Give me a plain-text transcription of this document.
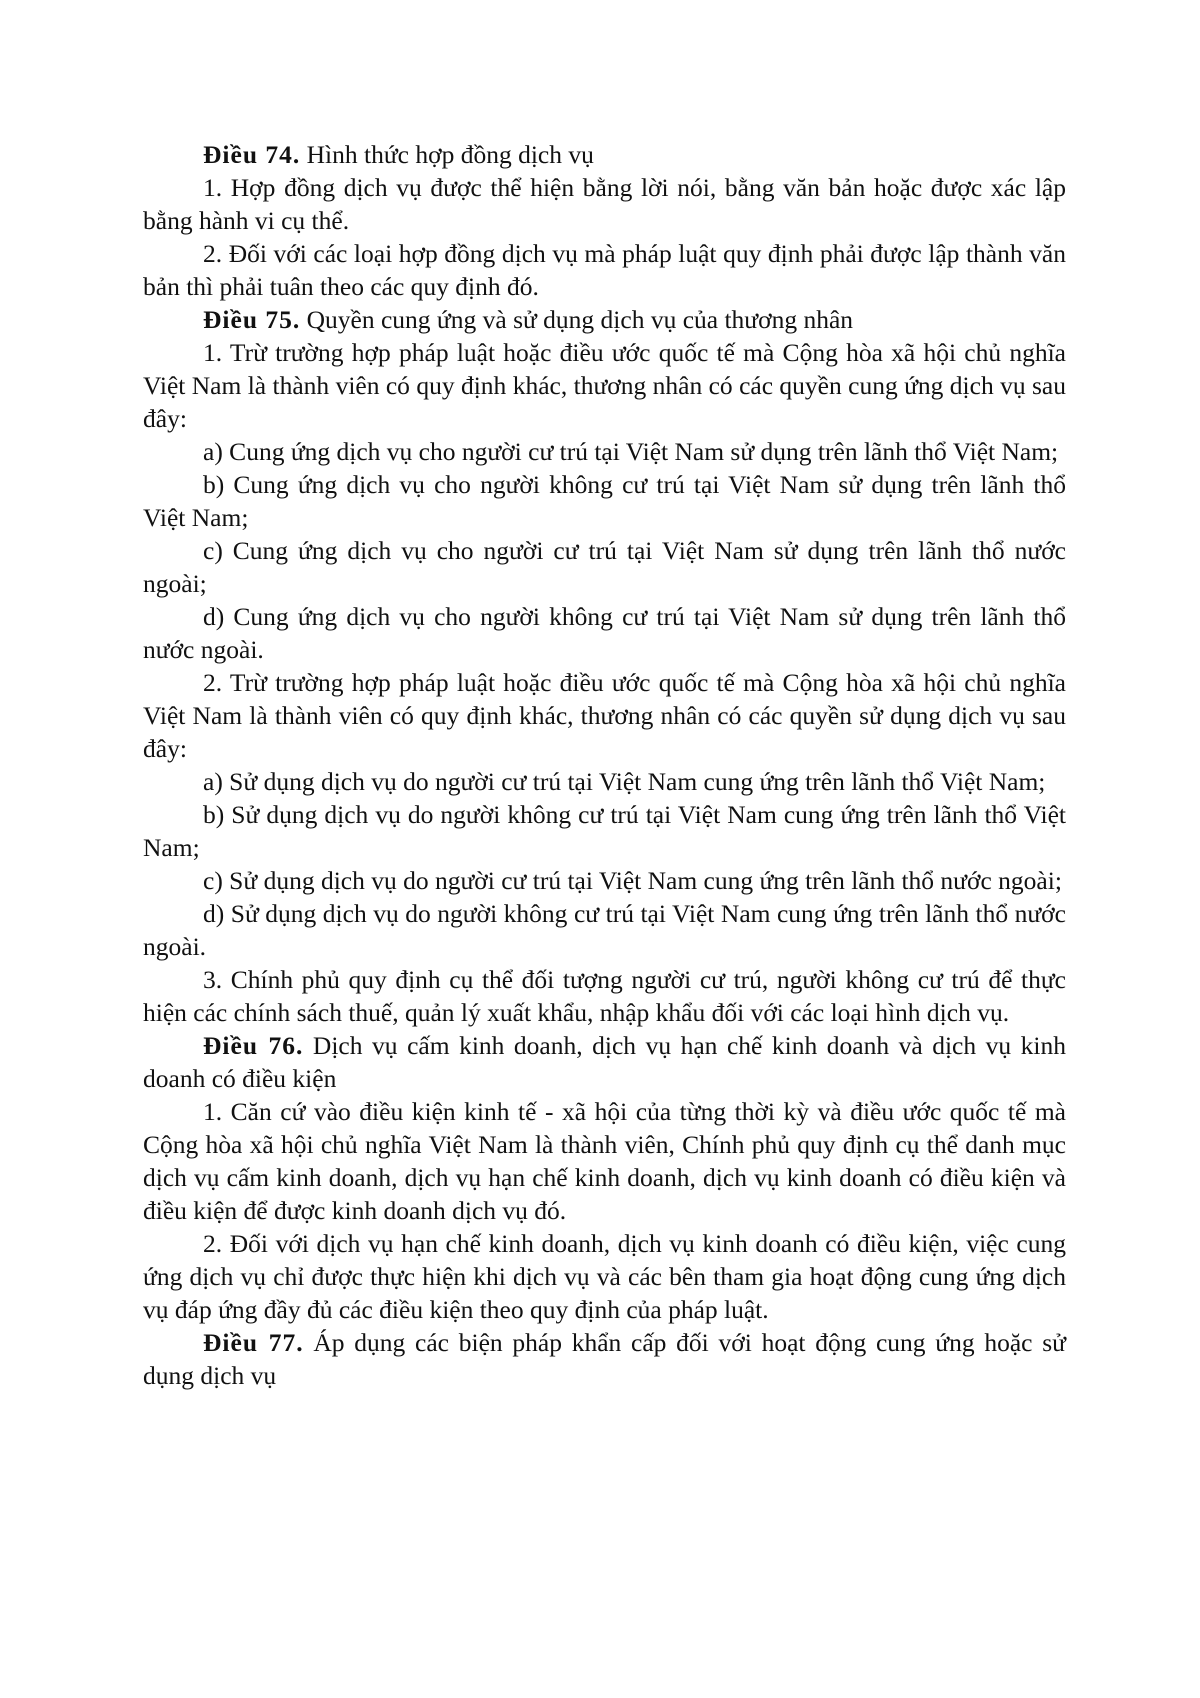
Điều 74. Hình thức hợp đồng dịch vụ

1. Hợp đồng dịch vụ được thể hiện bằng lời nói, bằng văn bản hoặc được xác lập bằng hành vi cụ thể.

2. Đối với các loại hợp đồng dịch vụ mà pháp luật quy định phải được lập thành văn bản thì phải tuân theo các quy định đó.

Điều 75. Quyền cung ứng và sử dụng dịch vụ của thương nhân

1. Trừ trường hợp pháp luật hoặc điều ước quốc tế mà Cộng hòa xã hội chủ nghĩa Việt Nam là thành viên có quy định khác, thương nhân có các quyền cung ứng dịch vụ sau đây:

a) Cung ứng dịch vụ cho người cư trú tại Việt Nam sử dụng trên lãnh thổ Việt Nam;

b) Cung ứng dịch vụ cho người không cư trú tại Việt Nam sử dụng trên lãnh thổ Việt Nam;

c) Cung ứng dịch vụ cho người cư trú tại Việt Nam sử dụng trên lãnh thổ nước ngoài;

d) Cung ứng dịch vụ cho người không cư trú tại Việt Nam sử dụng trên lãnh thổ nước ngoài.

2. Trừ trường hợp pháp luật hoặc điều ước quốc tế mà Cộng hòa xã hội chủ nghĩa Việt Nam là thành viên có quy định khác, thương nhân có các quyền sử dụng dịch vụ sau đây:

a) Sử dụng dịch vụ do người cư trú tại Việt Nam cung ứng trên lãnh thổ Việt Nam;

b) Sử dụng dịch vụ do người không cư trú tại Việt Nam cung ứng trên lãnh thổ Việt Nam;

c) Sử dụng dịch vụ do người cư trú tại Việt Nam cung ứng trên lãnh thổ nước ngoài;

d) Sử dụng dịch vụ do người không cư trú tại Việt Nam cung ứng trên lãnh thổ nước ngoài.

3. Chính phủ quy định cụ thể đối tượng người cư trú, người không cư trú để thực hiện các chính sách thuế, quản lý xuất khẩu, nhập khẩu đối với các loại hình dịch vụ.

Điều 76. Dịch vụ cấm kinh doanh, dịch vụ hạn chế kinh doanh và dịch vụ kinh doanh có điều kiện

1. Căn cứ vào điều kiện kinh tế - xã hội của từng thời kỳ và điều ước quốc tế mà Cộng hòa xã hội chủ nghĩa Việt Nam là thành viên, Chính phủ quy định cụ thể danh mục dịch vụ cấm kinh doanh, dịch vụ hạn chế kinh doanh, dịch vụ kinh doanh có điều kiện và điều kiện để được kinh doanh dịch vụ đó.

2. Đối với dịch vụ hạn chế kinh doanh, dịch vụ kinh doanh có điều kiện, việc cung ứng dịch vụ chỉ được thực hiện khi dịch vụ và các bên tham gia hoạt động cung ứng dịch vụ đáp ứng đầy đủ các điều kiện theo quy định của pháp luật.

Điều 77. Áp dụng các biện pháp khẩn cấp đối với hoạt động cung ứng hoặc sử dụng dịch vụ
